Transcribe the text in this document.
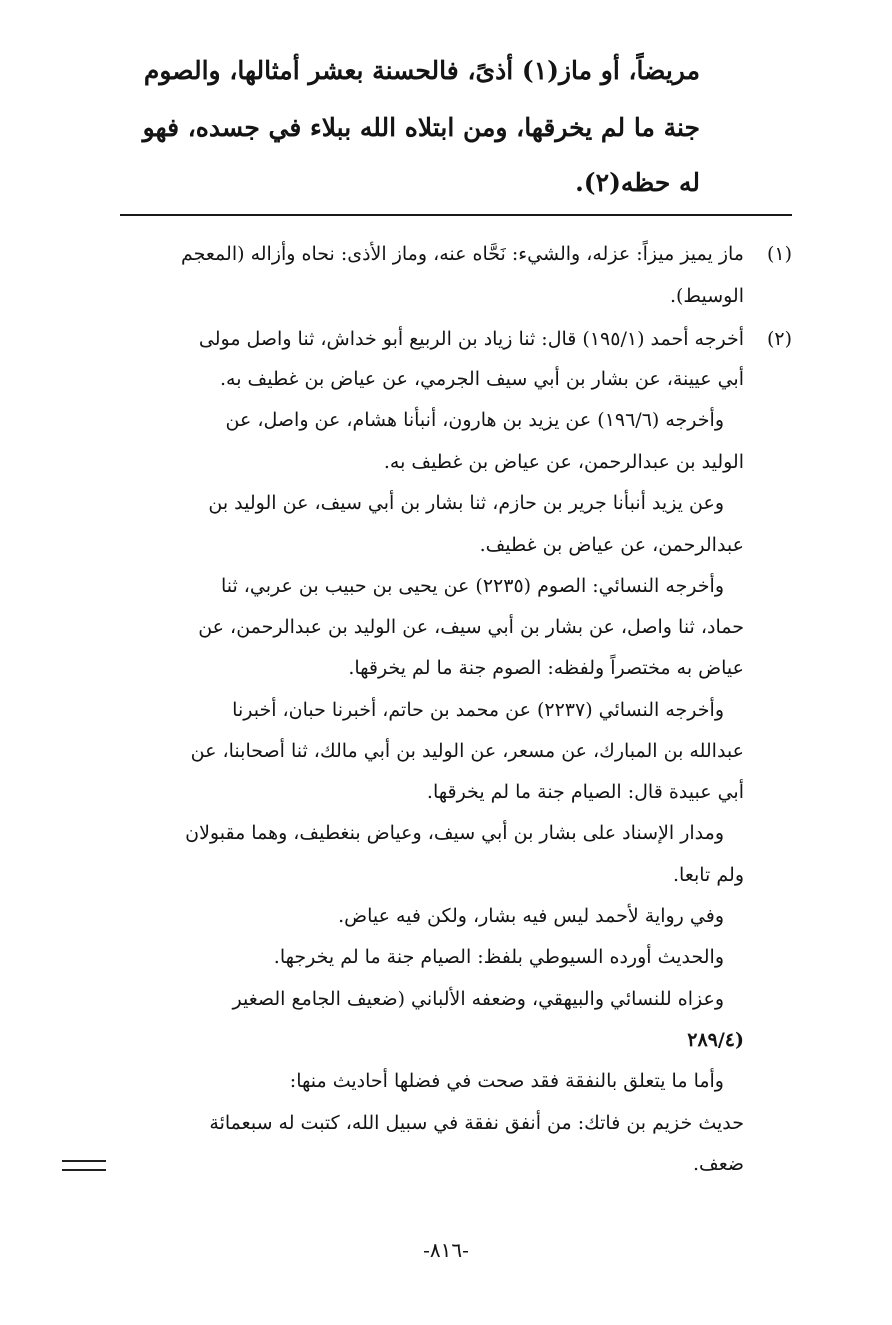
مريضاً، أو ماز(١) أذىً، فالحسنة بعشر أمثالها، والصوم
جنة ما لم يخرقها، ومن ابتلاه الله ببلاء في جسده، فهو
له حظه(٢).
(١)
ماز يميز ميزاً: عزله، والشيء: نَحَّاه عنه، وماز الأذى: نحاه وأزاله (المعجم
الوسيط).
(٢)
أخرجه أحمد (١٩٥/١) قال: ثنا زياد بن الربيع أبو خداش، ثنا واصل مولى
أبي عيينة، عن بشار بن أبي سيف الجرمي، عن عياض بن غطيف به.
وأخرجه (١٩٦/٦) عن يزيد بن هارون، أنبأنا هشام، عن واصل، عن
الوليد بن عبدالرحمن، عن عياض بن غطيف به.
وعن يزيد أنبأنا جرير بن حازم، ثنا بشار بن أبي سيف، عن الوليد بن
عبدالرحمن، عن عياض بن غطيف.
وأخرجه النسائي: الصوم (٢٢٣٥) عن يحيى بن حبيب بن عربي، ثنا
حماد، ثنا واصل، عن بشار بن أبي سيف، عن الوليد بن عبدالرحمن، عن
عياض به مختصراً ولفظه: الصوم جنة ما لم يخرقها.
وأخرجه النسائي (٢٢٣٧) عن محمد بن حاتم، أخبرنا حبان، أخبرنا
عبدالله بن المبارك، عن مسعر، عن الوليد بن أبي مالك، ثنا أصحابنا، عن
أبي عبيدة قال: الصيام جنة ما لم يخرقها.
ومدار الإسناد على بشار بن أبي سيف، وعياض بنغطيف، وهما مقبولان
ولم تابعا.
وفي رواية لأحمد ليس فيه بشار، ولكن فيه عياض.
والحديث أورده السيوطي بلفظ: الصيام جنة ما لم يخرجها.
وعزاه للنسائي والبيهقي، وضعفه الألباني (ضعيف الجامع الصغير
(٢٨٩/٤
وأما ما يتعلق بالنفقة فقد صحت في فضلها أحاديث منها:
حديث خزيم بن فاتك: من أنفق نفقة في سبيل الله، كتبت له سبعمائة
ضعف.
-٨١٦-
